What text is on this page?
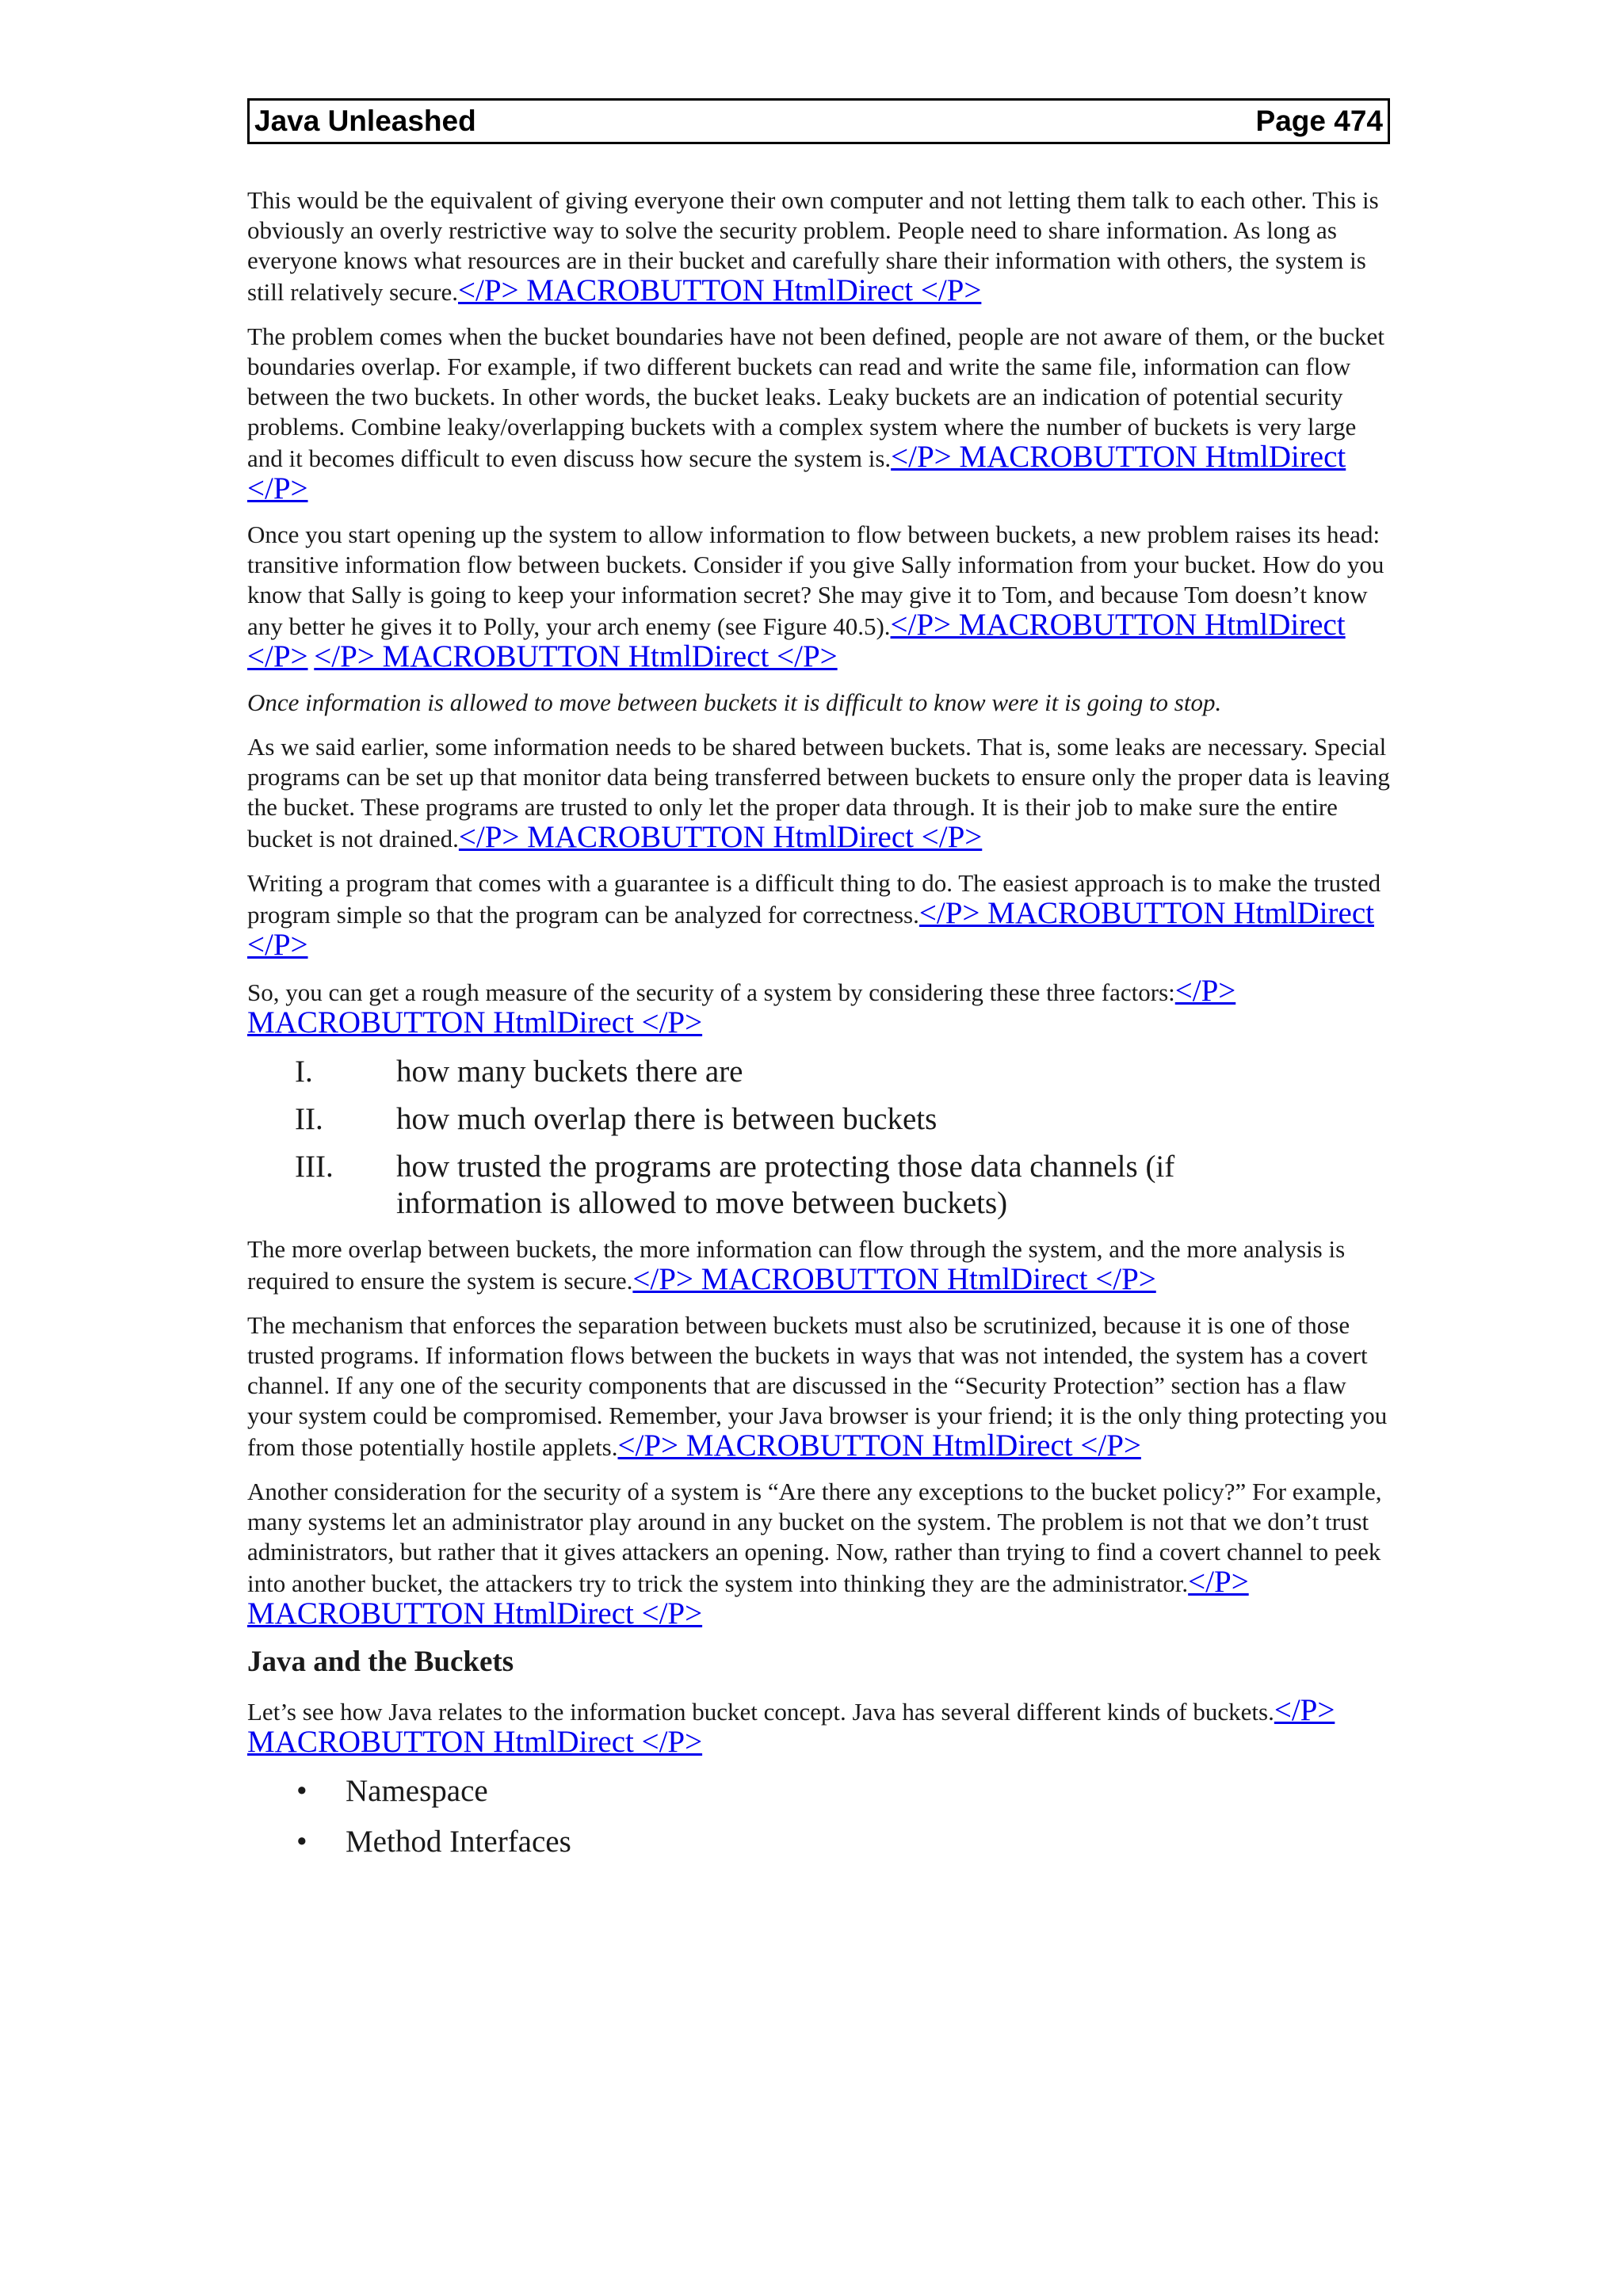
Java Unleashed	Page 474

This would be the equivalent of giving everyone their own computer and not letting them talk to each other. This is obviously an overly restrictive way to solve the security problem. People need to share information. As long as everyone knows what resources are in their bucket and carefully share their information with others, the system is still relatively secure.</P> MACROBUTTON HtmlDirect </P>

The problem comes when the bucket boundaries have not been defined, people are not aware of them, or the bucket boundaries overlap. For example, if two different buckets can read and write the same file, information can flow between the two buckets. In other words, the bucket leaks. Leaky buckets are an indication of potential security problems. Combine leaky/overlapping buckets with a complex system where the number of buckets is very large and it becomes difficult to even discuss how secure the system is.</P> MACROBUTTON HtmlDirect </P>

Once you start opening up the system to allow information to flow between buckets, a new problem raises its head: transitive information flow between buckets. Consider if you give Sally information from your bucket. How do you know that Sally is going to keep your information secret? She may give it to Tom, and because Tom doesn’t know any better he gives it to Polly, your arch enemy (see Figure 40.5).</P> MACROBUTTON HtmlDirect </P> </P> MACROBUTTON HtmlDirect </P>

Once information is allowed to move between buckets it is difficult to know were it is going to stop.

As we said earlier, some information needs to be shared between buckets. That is, some leaks are necessary. Special programs can be set up that monitor data being transferred between buckets to ensure only the proper data is leaving the bucket. These programs are trusted to only let the proper data through. It is their job to make sure the entire bucket is not drained.</P> MACROBUTTON HtmlDirect </P>

Writing a program that comes with a guarantee is a difficult thing to do. The easiest approach is to make the trusted program simple so that the program can be analyzed for correctness.</P> MACROBUTTON HtmlDirect </P>

So, you can get a rough measure of the security of a system by considering these three factors:</P> MACROBUTTON HtmlDirect </P>

I.	how many buckets there are
II.	how much overlap there is between buckets
III.	how trusted the programs are protecting those data channels (if information is allowed to move between buckets)

The more overlap between buckets, the more information can flow through the system, and the more analysis is required to ensure the system is secure.</P> MACROBUTTON HtmlDirect </P>

The mechanism that enforces the separation between buckets must also be scrutinized, because it is one of those trusted programs. If information flows between the buckets in ways that was not intended, the system has a covert channel. If any one of the security components that are discussed in the “Security Protection” section has a flaw your system could be compromised. Remember, your Java browser is your friend; it is the only thing protecting you from those potentially hostile applets.</P> MACROBUTTON HtmlDirect </P>

Another consideration for the security of a system is “Are there any exceptions to the bucket policy?” For example, many systems let an administrator play around in any bucket on the system. The problem is not that we don’t trust administrators, but rather that it gives attackers an opening. Now, rather than trying to find a covert channel to peek into another bucket, the attackers try to trick the system into thinking they are the administrator.</P> MACROBUTTON HtmlDirect </P>

Java and the Buckets

Let’s see how Java relates to the information bucket concept. Java has several different kinds of buckets.</P> MACROBUTTON HtmlDirect </P>

•	Namespace
•	Method Interfaces
